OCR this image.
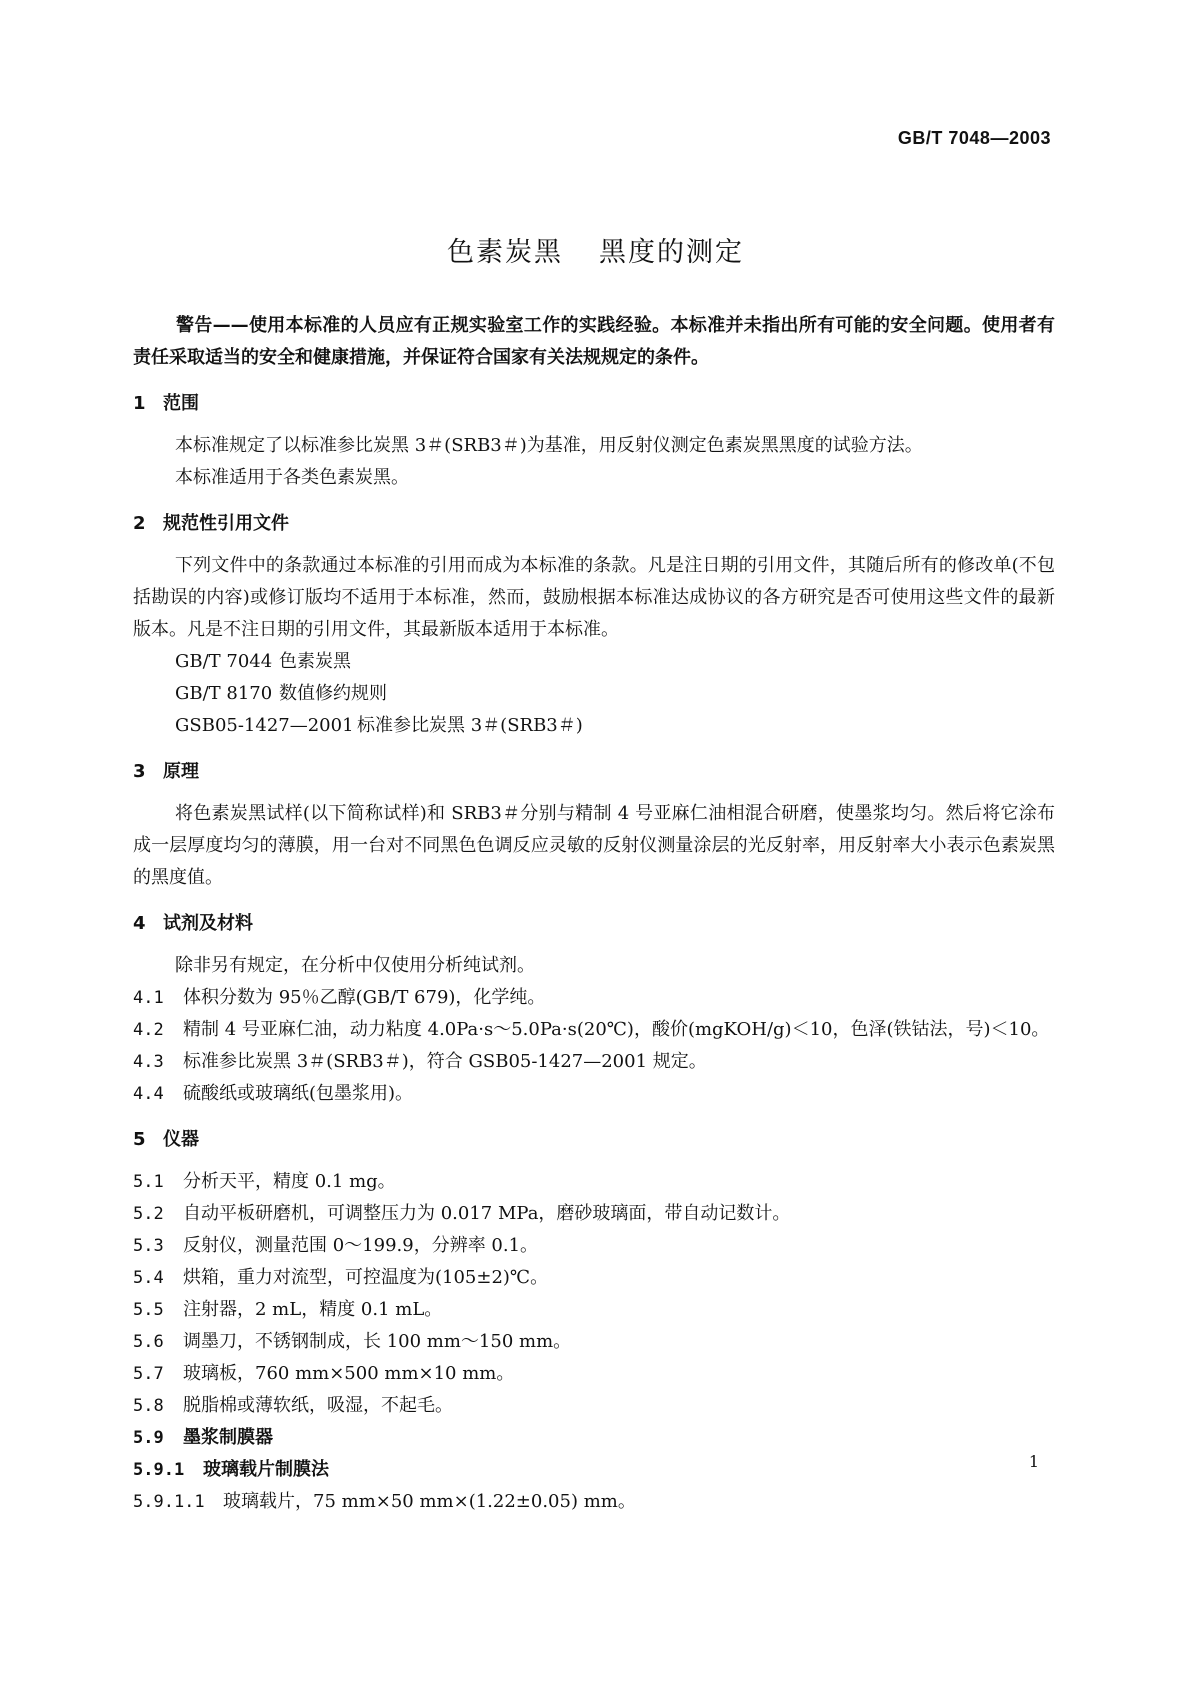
GB/T 7048—2003
色素炭黑 黑度的测定

警告——使用本标准的人员应有正规实验室工作的实践经验。本标准并未指出所有可能的安全问题。使用者有责任采取适当的安全和健康措施，并保证符合国家有关法规规定的条件。

1 范围

本标准规定了以标准参比炭黑 3＃(SRB3＃)为基准，用反射仪测定色素炭黑黑度的试验方法。

本标准适用于各类色素炭黑。

2 规范性引用文件

下列文件中的条款通过本标准的引用而成为本标准的条款。凡是注日期的引用文件，其随后所有的修改单(不包括勘误的内容)或修订版均不适用于本标准，然而，鼓励根据本标准达成协议的各方研究是否可使用这些文件的最新版本。凡是不注日期的引用文件，其最新版本适用于本标准。

GB/T 7044 色素炭黑

GB/T 8170 数值修约规则

GSB05-1427—2001 标准参比炭黑 3＃(SRB3＃)

3 原理

将色素炭黑试样(以下简称试样)和 SRB3＃分别与精制 4 号亚麻仁油相混合研磨，使墨浆均匀。然后将它涂布成一层厚度均匀的薄膜，用一台对不同黑色色调反应灵敏的反射仪测量涂层的光反射率，用反射率大小表示色素炭黑的黑度值。

4 试剂及材料

除非另有规定，在分析中仅使用分析纯试剂。

4.1 体积分数为 95％乙醇(GB/T 679)，化学纯。

4.2 精制 4 号亚麻仁油，动力粘度 4.0Pa·s～5.0Pa·s(20℃)，酸价(mgKOH/g)＜10，色泽(铁钴法，号)＜10。

4.3 标准参比炭黑 3＃(SRB3＃)，符合 GSB05-1427—2001 规定。

4.4 硫酸纸或玻璃纸(包墨浆用)。

5 仪器

5.1 分析天平，精度 0.1 mg。

5.2 自动平板研磨机，可调整压力为 0.017 MPa，磨砂玻璃面，带自动记数计。

5.3 反射仪，测量范围 0～199.9，分辨率 0.1。

5.4 烘箱，重力对流型，可控温度为(105±2)℃。

5.5 注射器，2 mL，精度 0.1 mL。

5.6 调墨刀，不锈钢制成，长 100 mm～150 mm。

5.7 玻璃板，760 mm×500 mm×10 mm。

5.8 脱脂棉或薄软纸，吸湿，不起毛。

5.9 墨浆制膜器

5.9.1 玻璃载片制膜法

5.9.1.1 玻璃载片，75 mm×50 mm×(1.22±0.05) mm。

1
